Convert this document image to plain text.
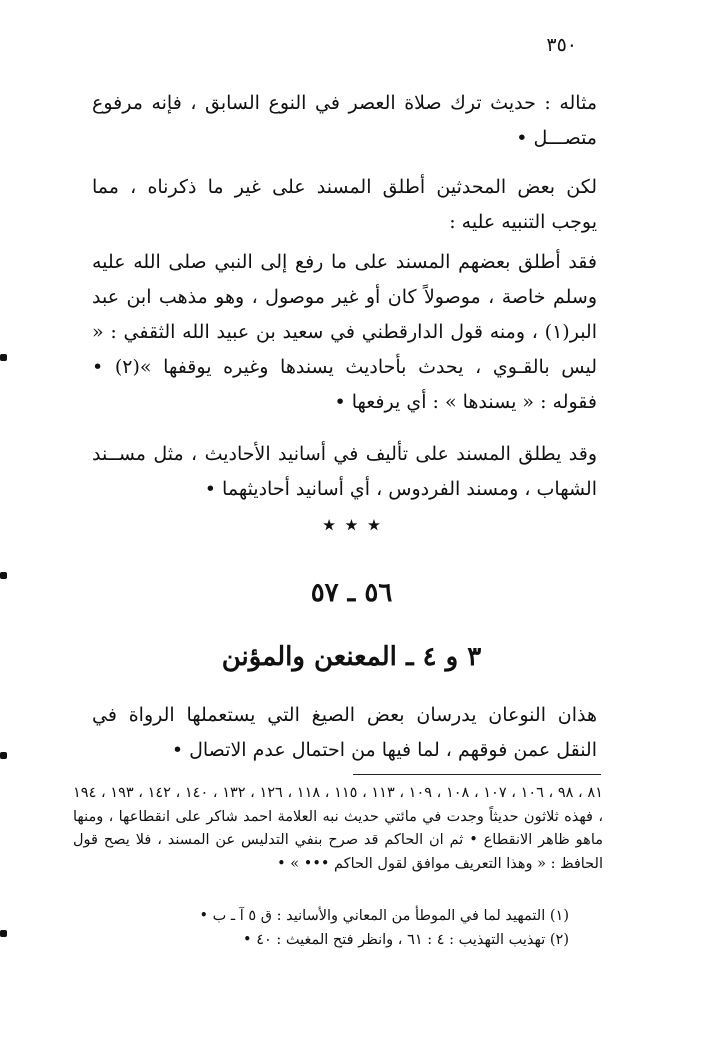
٣٥٠
مثاله : حديث ترك صلاة العصر في النوع السابق ، فإنه مرفوع متصـــل •
لكن بعض المحدثين أطلق المسند على غير ما ذكرناه ، مما يوجب التنبيه عليه :
فقد أطلق بعضهم المسند على ما رفع إلى النبي صلى الله عليه وسلم خاصة ، موصولاً كان أو غير موصول ، وهو مذهب ابن عبد البر(١) ، ومنه قول الدارقطني في سعيد بن عبيد الله الثقفي : « ليس بالقـوي ، يحدث بأحاديث يسندها وغيره يوقفها »(٢) • فقوله : « يسندها » : أي يرفعها •
وقد يطلق المسند على تأليف في أسانيد الأحاديث ، مثل مســند الشهاب ، ومسند الفردوس ، أي أسانيد أحاديثهما •
٭ ٭ ٭
٥٦ ـ ٥٧
٣ و ٤ ـ المعنعن والمؤنن
هذان النوعان يدرسان بعض الصيغ التي يستعملها الرواة في النقل عمن فوقهم ، لما فيها من احتمال عدم الاتصال •
٨١ ، ٩٨ ، ١٠٦ ، ١٠٧ ، ١٠٨ ، ١٠٩ ، ١١٣ ، ١١٥ ، ١١٨ ، ١٢٦ ، ١٣٢ ، ١٤٠ ، ١٤٢ ، ١٩٣ ، ١٩٤ ، فهذه ثلاثون حديثاً وجدت في مائتي حديث نبه العلامة احمد شاكر على انقطاعها ، ومنها ماهو ظاهر الانقطاع • ثم ان الحاكم قد صرح بنفي التدليس عن المسند ، فلا يصح قول الحافظ : « وهذا التعريف موافق لقول الحاكم ••• » •
(١) التمهيد لما في الموطأ من المعاني والأسانيد : ق ٥ آ ـ ب •
(٢) تهذيب التهذيب : ٤ : ٦١ ، وانظر فتح المغيث : ٤٠ •
